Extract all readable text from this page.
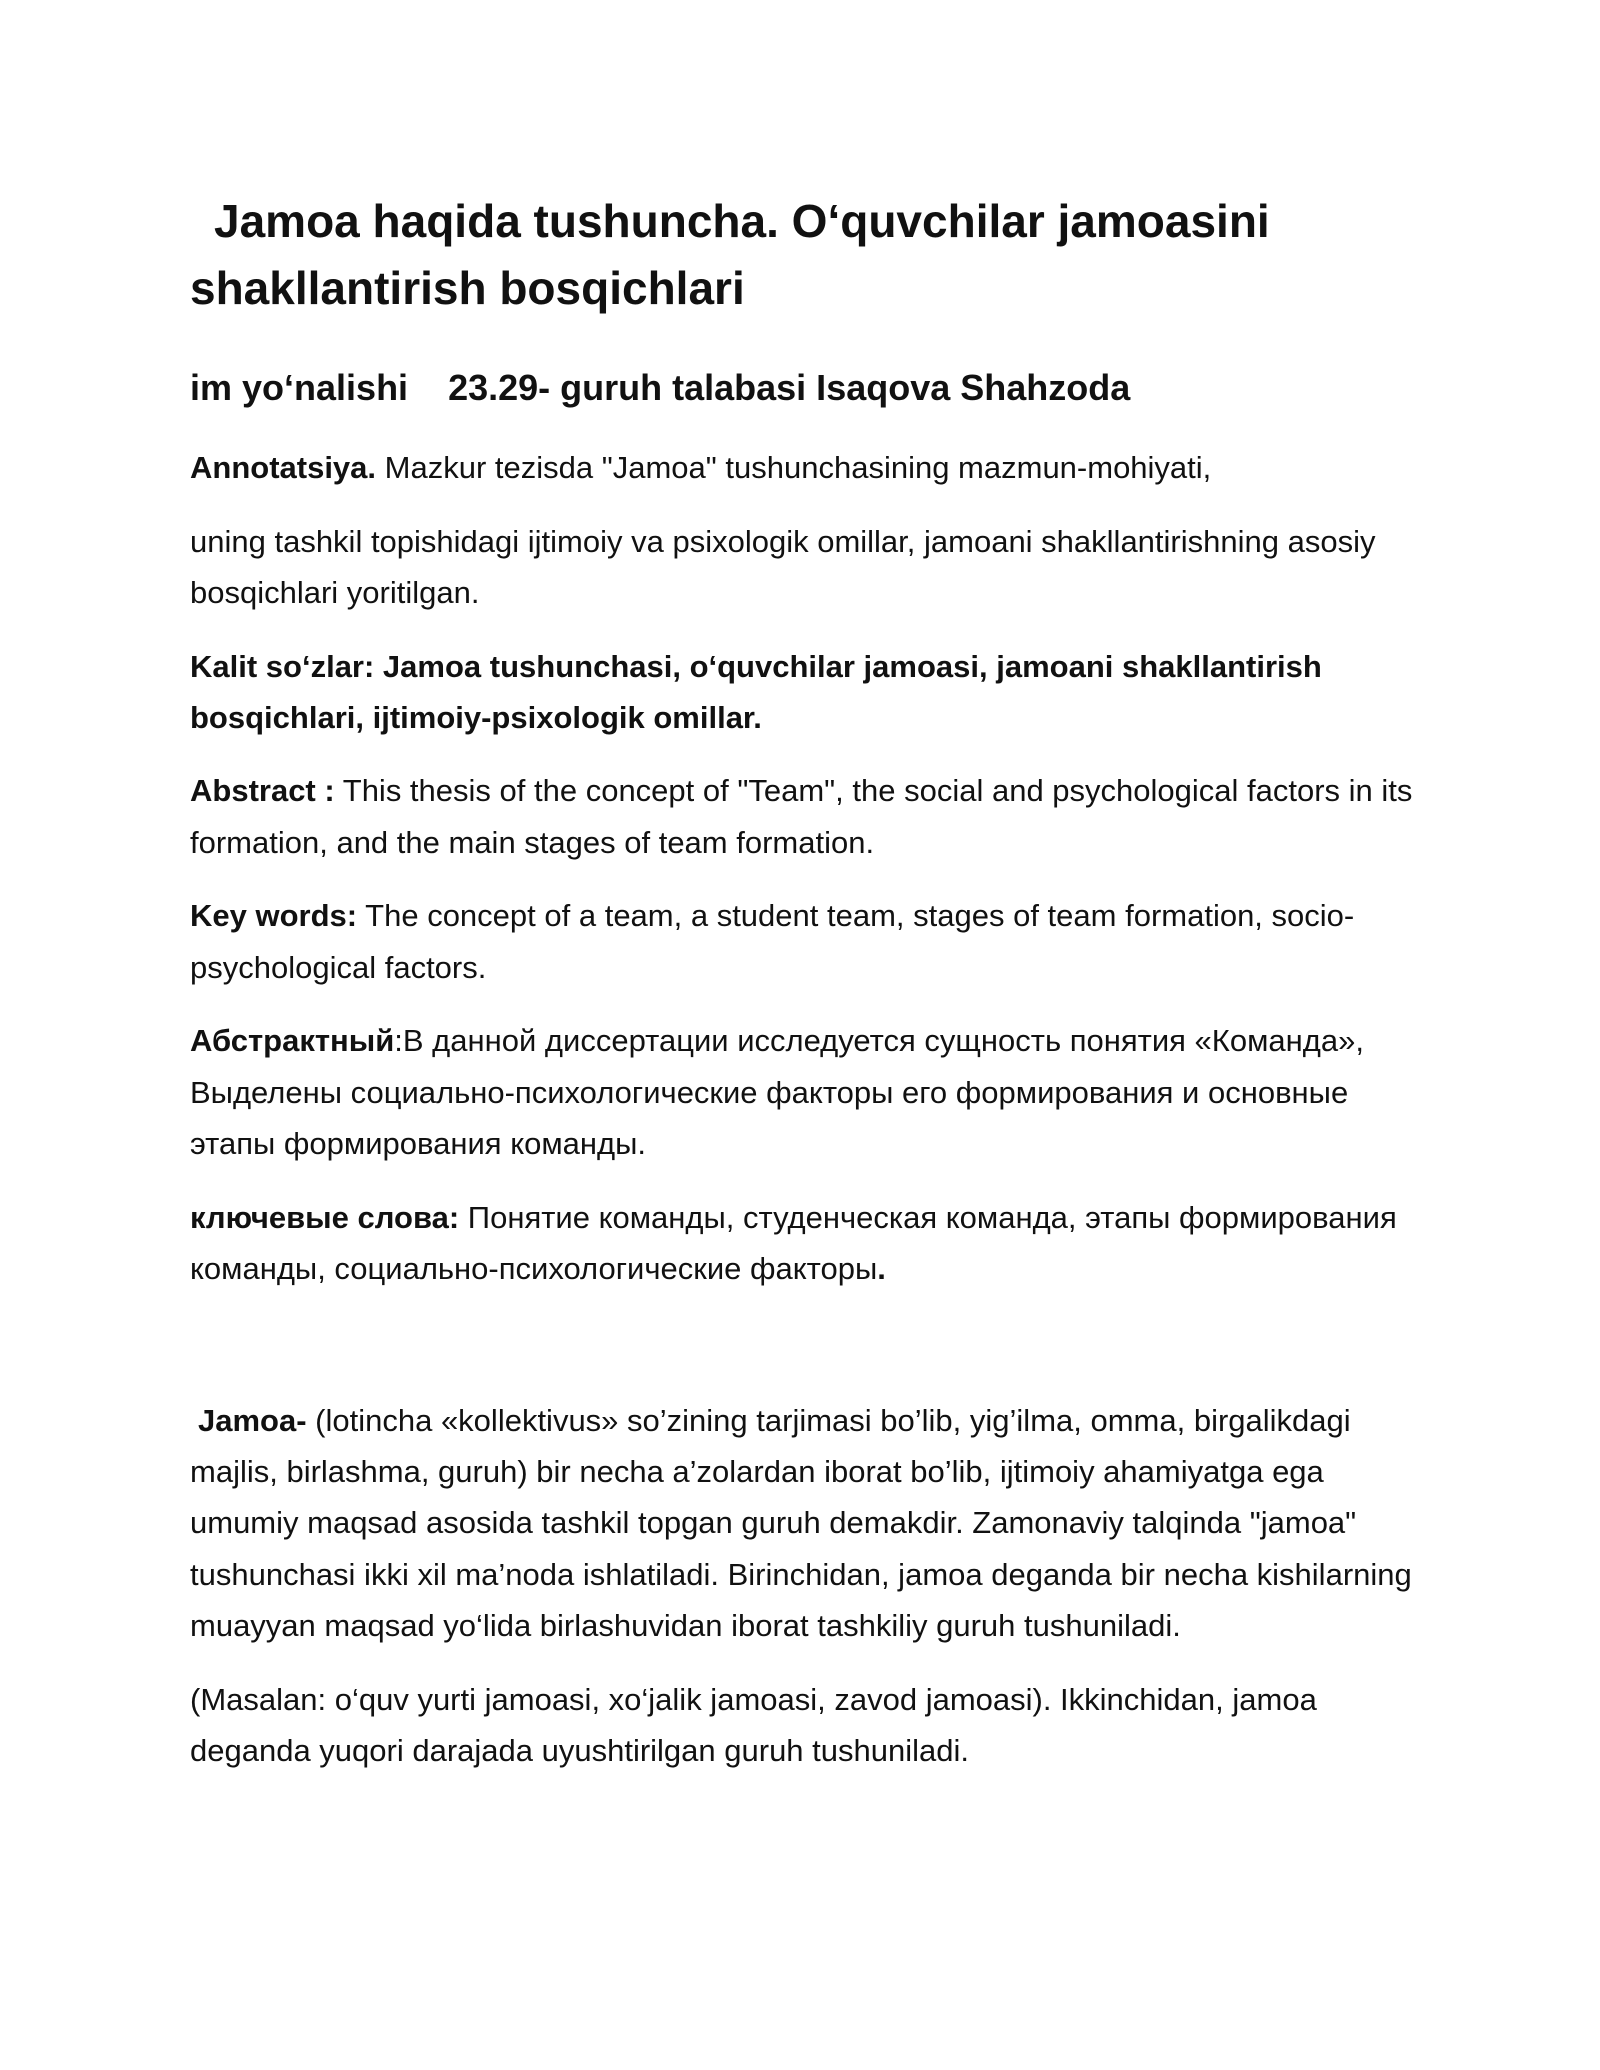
Jamoa haqida tushuncha. O‘quvchilar jamoasini
shakllantirish bosqichlari
im yo‘nalishi    23.29- guruh talabasi Isaqova Shahzoda

Annotatsiya. Mazkur tezisda "Jamoa" tushunchasining mazmun-mohiyati,

uning tashkil topishidagi ijtimoiy va psixologik omillar, jamoani shakllantirishning asosiy bosqichlari yoritilgan.

Kalit so‘zlar: Jamoa tushunchasi, o‘quvchilar jamoasi, jamoani shakllantirish bosqichlari, ijtimoiy-psixologik omillar.

Abstract : This thesis of the concept of "Team", the social and psychological factors in its formation, and the main stages of team formation.

Key words: The concept of a team, a student team, stages of team formation, socio-psychological factors.

Абстрактный:В данной диссертации исследуется сущность понятия «Команда», Выделены социально-психологические факторы его формирования и основные этапы формирования команды.

ключевые слова: Понятие команды, студенческая команда, этапы формирования команды, социально-психологические факторы.

Jamoa- (lotincha «kollektivus» so’zining tarjimasi bo’lib, yig’ilma, omma, birgalikdagi majlis, birlashma, guruh) bir necha a’zolardan iborat bo’lib, ijtimoiy ahamiyatga ega umumiy maqsad asosida tashkil topgan guruh demakdir. Zamonaviy talqinda "jamoa" tushunchasi ikki xil ma’noda ishlatiladi. Birinchidan, jamoa deganda bir necha kishilarning muayyan maqsad yo‘lida birlashuvidan iborat tashkiliy guruh tushuniladi.

(Masalan: o‘quv yurti jamoasi, xo‘jalik jamoasi, zavod jamoasi). Ikkinchidan, jamoa deganda yuqori darajada uyushtirilgan guruh tushuniladi.
